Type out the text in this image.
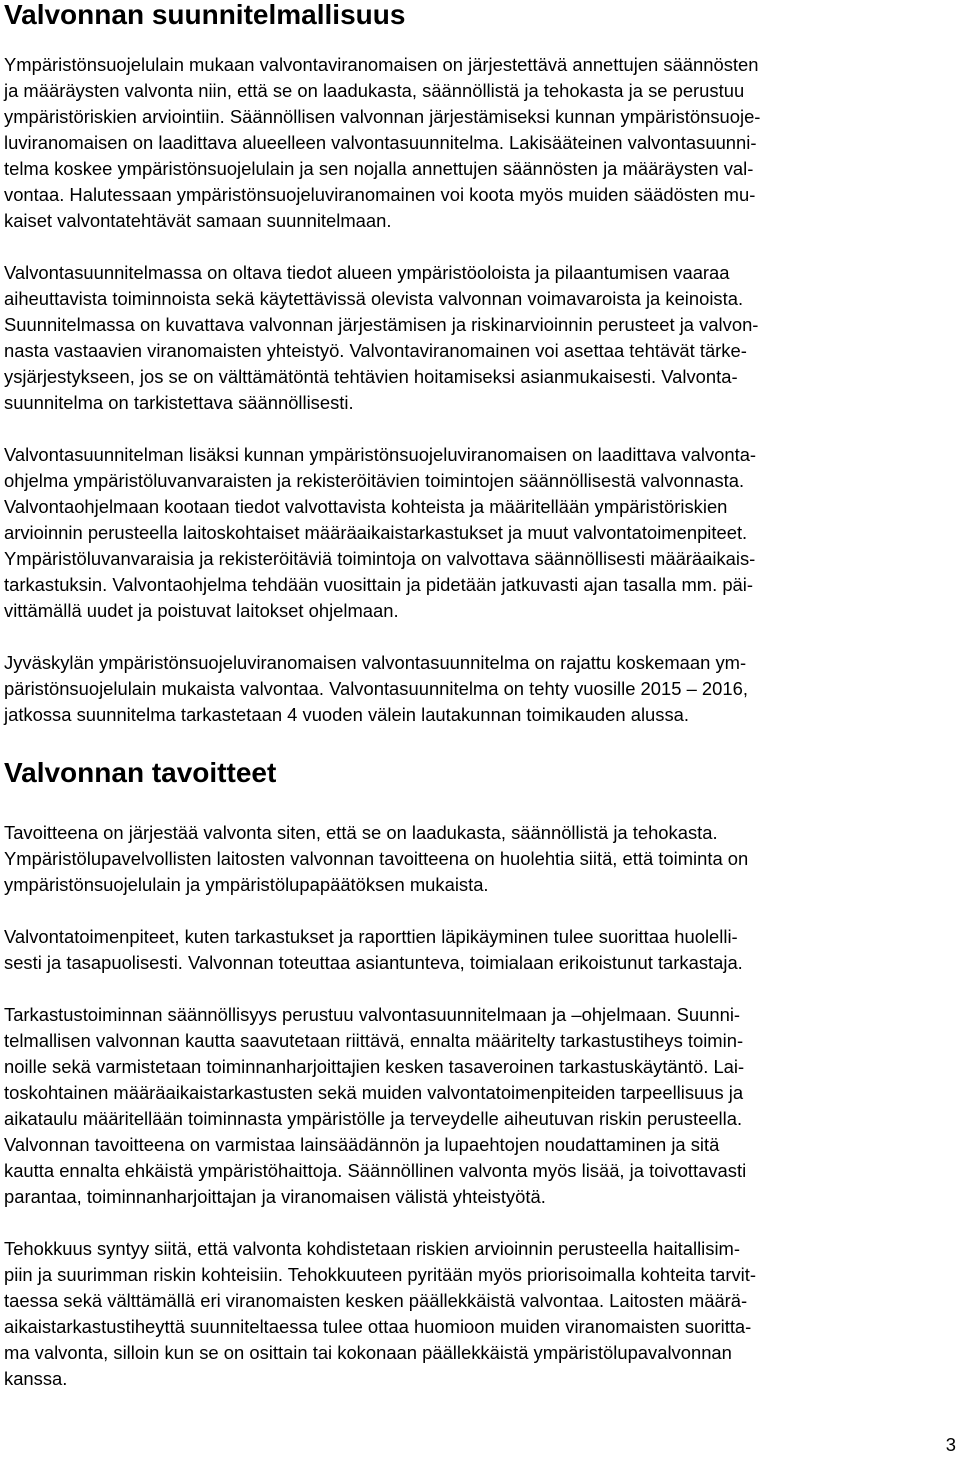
Valvonnan suunnitelmallisuus
Ympäristönsuojelulain mukaan valvontaviranomaisen on järjestettävä annettujen säännösten
ja määräysten valvonta niin, että se on laadukasta, säännöllistä ja tehokasta ja se perustuu
ympäristöriskien arviointiin. Säännöllisen valvonnan järjestämiseksi kunnan ympäristönsuoje-
luviranomaisen on laadittava alueelleen valvontasuunnitelma. Lakisääteinen valvontasuunni-
telma koskee ympäristönsuojelulain ja sen nojalla annettujen säännösten ja määräysten val-
vontaa. Halutessaan ympäristönsuojeluviranomainen voi koota myös muiden säädösten mu-
kaiset valvontatehtävät samaan suunnitelmaan.
Valvontasuunnitelmassa on oltava tiedot alueen ympäristöoloista ja pilaantumisen vaaraa
aiheuttavista toiminnoista sekä käytettävissä olevista valvonnan voimavaroista ja keinoista.
Suunnitelmassa on kuvattava valvonnan järjestämisen ja riskinarvioinnin perusteet ja valvon-
nasta vastaavien viranomaisten yhteistyö. Valvontaviranomainen voi asettaa tehtävät tärke-
ysjärjestykseen, jos se on välttämätöntä tehtävien hoitamiseksi asianmukaisesti. Valvonta-
suunnitelma on tarkistettava säännöllisesti.
Valvontasuunnitelman lisäksi kunnan ympäristönsuojeluviranomaisen on laadittava valvonta-
ohjelma ympäristöluvanvaraisten ja rekisteröitävien toimintojen säännöllisestä valvonnasta.
Valvontaohjelmaan kootaan tiedot valvottavista kohteista ja määritellään ympäristöriskien
arvioinnin perusteella laitoskohtaiset määräaikaistarkastukset ja muut valvontatoimenpiteet.
Ympäristöluvanvaraisia ja rekisteröitäviä toimintoja on valvottava säännöllisesti määräaikais-
tarkastuksin. Valvontaohjelma tehdään vuosittain ja pidetään jatkuvasti ajan tasalla mm. päi-
vittämällä uudet ja poistuvat laitokset ohjelmaan.
Jyväskylän ympäristönsuojeluviranomaisen valvontasuunnitelma on rajattu koskemaan ym-
päristönsuojelulain mukaista valvontaa. Valvontasuunnitelma on tehty vuosille 2015 – 2016,
jatkossa suunnitelma tarkastetaan 4 vuoden välein lautakunnan toimikauden alussa.
Valvonnan tavoitteet
Tavoitteena on järjestää valvonta siten, että se on laadukasta, säännöllistä ja tehokasta.
Ympäristölupavelvollisten laitosten valvonnan tavoitteena on huolehtia siitä, että toiminta on
ympäristönsuojelulain ja ympäristölupapäätöksen mukaista.
Valvontatoimenpiteet, kuten tarkastukset ja raporttien läpikäyminen tulee suorittaa huolelli-
sesti ja tasapuolisesti. Valvonnan toteuttaa asiantunteva, toimialaan erikoistunut tarkastaja.
Tarkastustoiminnan säännöllisyys perustuu valvontasuunnitelmaan ja –ohjelmaan. Suunni-
telmallisen valvonnan kautta saavutetaan riittävä, ennalta määritelty tarkastustiheys toimin-
noille sekä varmistetaan toiminnanharjoittajien kesken tasaveroinen tarkastuskäytäntö. Lai-
toskohtainen määräaikaistarkastusten sekä muiden valvontatoimenpiteiden tarpeellisuus ja
aikataulu määritellään toiminnasta ympäristölle ja terveydelle aiheutuvan riskin perusteella.
Valvonnan tavoitteena on varmistaa lainsäädännön ja lupaehtojen noudattaminen ja sitä
kautta ennalta ehkäistä ympäristöhaittoja. Säännöllinen valvonta myös lisää, ja toivottavasti
parantaa, toiminnanharjoittajan ja viranomaisen välistä yhteistyötä.
Tehokkuus syntyy siitä, että valvonta kohdistetaan riskien arvioinnin perusteella haitallisim-
piin ja suurimman riskin kohteisiin. Tehokkuuteen pyritään myös priorisoimalla kohteita tarvit-
taessa sekä välttämällä eri viranomaisten kesken päällekkäistä valvontaa. Laitosten määrä-
aikaistarkastustiheyttä suunniteltaessa tulee ottaa huomioon muiden viranomaisten suorittа-
ma valvonta, silloin kun se on osittain tai kokonaan päällekkäistä ympäristölupavalvonnan
kanssa.
3
